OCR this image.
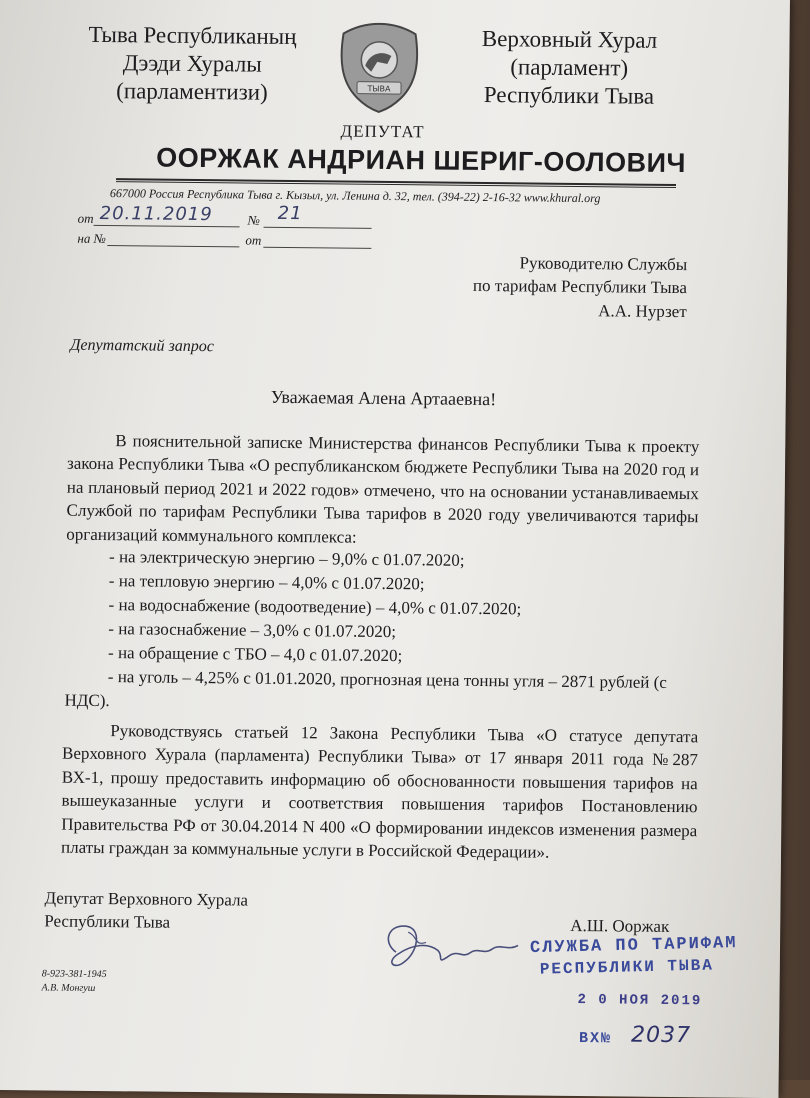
Тыва Республиканың
Дээди Хуралы
(парламентизи)	ТЫВА
Верховный Хурал
(парламент)
Республики Тыва
ДЕПУТАТ
ООРЖАК АНДРИАН ШЕРИГ-ООЛОВИЧ
667000 Россия Республика Тыва г. Кызыл, ул. Ленина д. 32, тел. (394-22) 2-16-32 www.khural.org
от 20.11.2019	№ 21
на №	от
Руководителю Службы
по тарифам Республики Тыва
А.А. Нурзет
Депутатский запрос
Уважаемая Алена Артааевна!
В пояснительной записке Министерства финансов Республики Тыва к проекту закона Республики Тыва «О республиканском бюджете Республики Тыва на 2020 год и на плановый период 2021 и 2022 годов» отмечено, что на основании устанавливаемых Службой по тарифам Республики Тыва тарифов в 2020 году увеличиваются тарифы организаций коммунального комплекса:
- на электрическую энергию – 9,0% с 01.07.2020;
- на тепловую энергию – 4,0% с 01.07.2020;
- на водоснабжение (водоотведение) – 4,0% с 01.07.2020;
- на газоснабжение – 3,0% с 01.07.2020;
- на обращение с ТБО – 4,0 с 01.07.2020;
- на уголь – 4,25% с 01.01.2020, прогнозная цена тонны угля – 2871 рублей (с
НДС).
Руководствуясь статьей 12 Закона Республики Тыва «О статусе депутата Верховного Хурала (парламента) Республики Тыва» от 17 января 2011 года №287 ВХ-1, прошу предоставить информацию об обоснованности повышения тарифов на вышеуказанные услуги и соответствия повышения тарифов Постановлению Правительства РФ от 30.04.2014 N 400 «О формировании индексов изменения размера платы граждан за коммунальные услуги в Российской Федерации».
Депутат Верховного Хурала
Республики Тыва	А.Ш. Ооржак
СЛУЖБА ПО ТАРИФАМ
РЕСПУБЛИКИ ТЫВА
2 0 НОЯ 2019
ВХ№ 2037
8-923-381-1945
А.В. Монгуш
